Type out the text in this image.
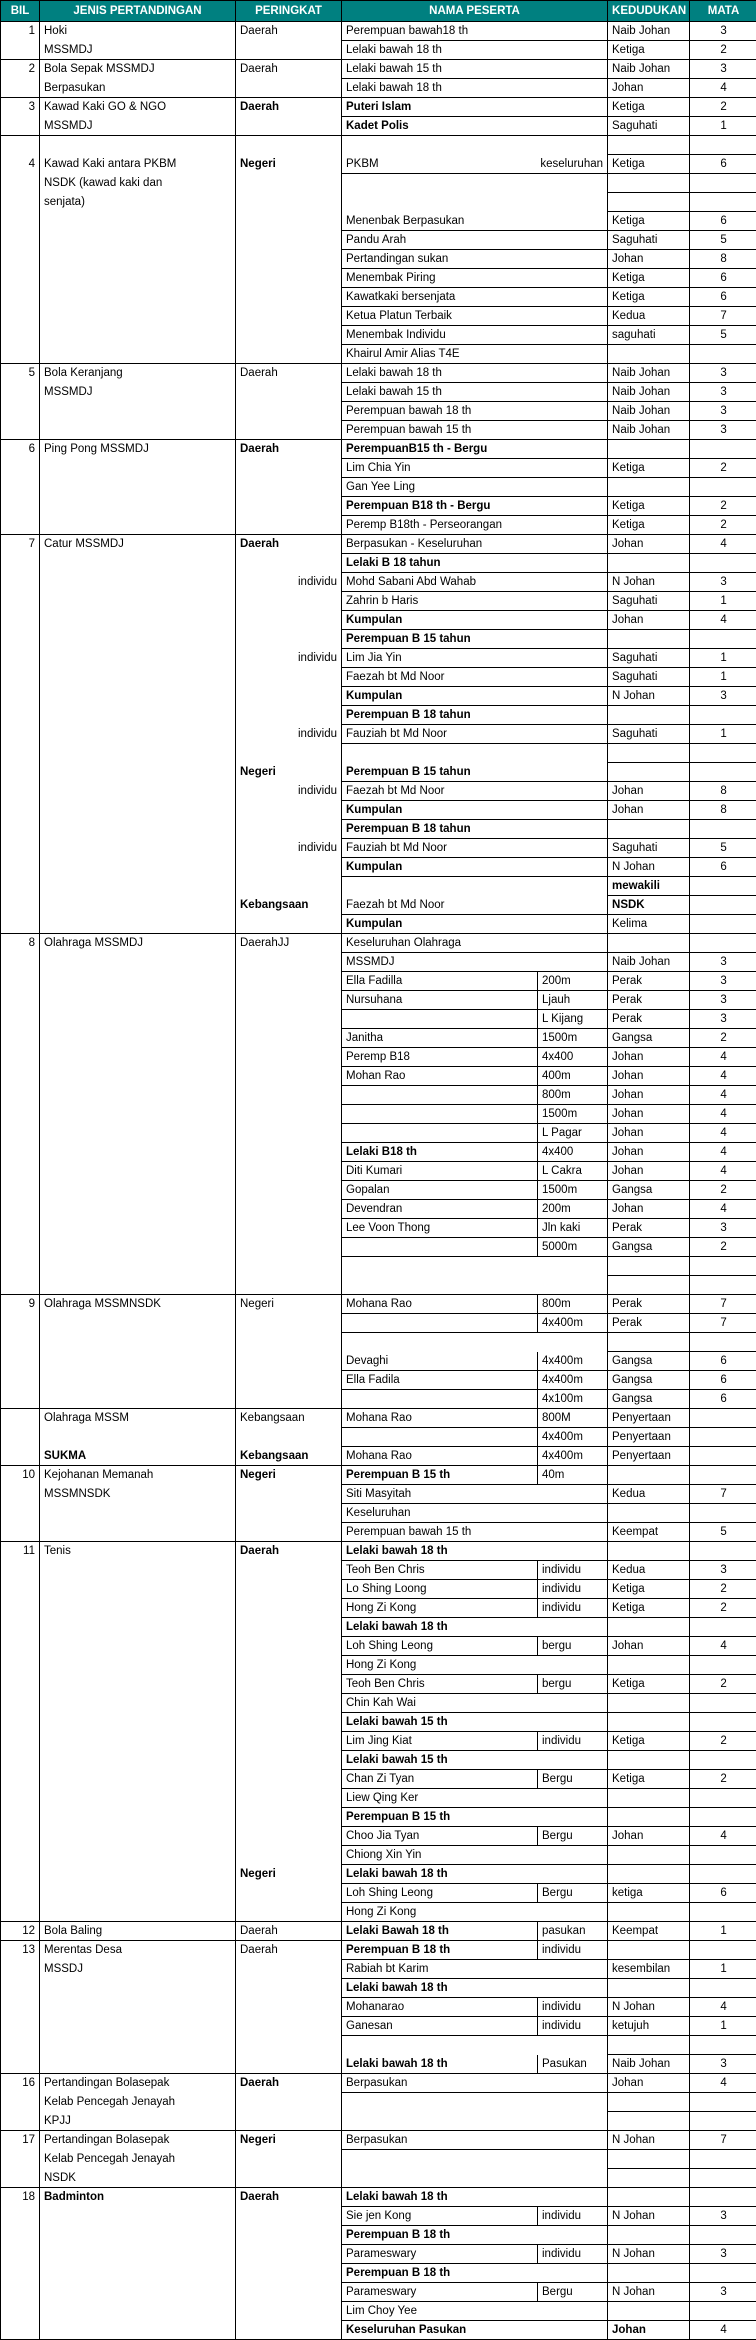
BIL	JENIS PERTANDINGAN	PERINGKAT	NAMA PESERTA		KEDUDUKAN	MATA
1	Hoki	Daerah	Perempuan bawah18 th		Naib Johan	3
	MSSMDJ		Lelaki bawah 18 th		Ketiga	2
2	Bola Sepak MSSMDJ	Daerah	Lelaki bawah 15 th		Naib Johan	3
	Berpasukan		Lelaki bawah 18 th		Johan	4
3	Kawad Kaki GO & NGO	Daerah	Puteri Islam		Ketiga	2
	MSSMDJ		Kadet Polis		Saguhati	1

4	Kawad Kaki antara PKBM	Negeri	PKBM keseluruhan		Ketiga	6
	NSDK (kawad kaki dan					
	senjata)					
			Menenbak Berpasukan		Ketiga	6
			Pandu Arah		Saguhati	5
			Pertandingan sukan		Johan	8
			Menembak Piring		Ketiga	6
			Kawatkaki bersenjata		Ketiga	6
			Ketua Platun Terbaik		Kedua	7
			Menembak Individu		saguhati	5
			Khairul Amir Alias T4E			
5	Bola Keranjang	Daerah	Lelaki bawah 18 th		Naib Johan	3
	MSSMDJ		Lelaki bawah 15 th		Naib Johan	3
			Perempuan bawah 18 th		Naib Johan	3
			Perempuan bawah 15 th		Naib Johan	3
6	Ping Pong MSSMDJ	Daerah	PerempuanB15 th - Bergu			
			Lim Chia Yin		Ketiga	2
			Gan Yee Ling			
			Perempuan B18 th - Bergu		Ketiga	2
			Peremp B18th - Perseorangan		Ketiga	2
7	Catur MSSMDJ	Daerah	Berpasukan - Keseluruhan		Johan	4
			Lelaki B 18 tahun			
		individu	Mohd Sabani Abd Wahab		N Johan	3
			Zahrin b Haris		Saguhati	1
			Kumpulan		Johan	4
			Perempuan B 15 tahun			
		individu	Lim Jia Yin		Saguhati	1
			Faezah bt Md Noor		Saguhati	1
			Kumpulan		N Johan	3
			Perempuan B 18 tahun			
		individu	Fauziah bt Md Noor		Saguhati	1

		Negeri	Perempuan B 15 tahun			
		individu	Faezah bt Md Noor		Johan	8
			Kumpulan		Johan	8
			Perempuan B 18 tahun			
		individu	Fauziah bt Md Noor		Saguhati	5
			Kumpulan		N Johan	6
					mewakili	
		Kebangsaan	Faezah bt Md Noor		NSDK	
			Kumpulan		Kelima	
8	Olahraga MSSMDJ	DaerahJJ	Keseluruhan Olahraga			
			MSSMDJ		Naib Johan	3
			Ella Fadilla	200m	Perak	3
			Nursuhana	Ljauh	Perak	3
				L Kijang	Perak	3
			Janitha	1500m	Gangsa	2
			Peremp B18	4x400	Johan	4
			Mohan Rao	400m	Johan	4
				800m	Johan	4
				1500m	Johan	4
				L Pagar	Johan	4
			Lelaki B18 th	4x400	Johan	4
			Diti Kumari	L Cakra	Johan	4
			Gopalan	1500m	Gangsa	2
			Devendran	200m	Johan	4
			Lee Voon Thong	Jln kaki	Perak	3
				5000m	Gangsa	2

9	Olahraga MSSMNSDK	Negeri	Mohana Rao	800m	Perak	7
				4x400m	Perak	7

			Devaghi	4x400m	Gangsa	6
			Ella Fadila	4x400m	Gangsa	6
				4x100m	Gangsa	6
	Olahraga MSSM	Kebangsaan	Mohana Rao	800M	Penyertaan	
				4x400m	Penyertaan	
	SUKMA	Kebangsaan	Mohana Rao	4x400m	Penyertaan	
10	Kejohanan Memanah	Negeri	Perempuan B 15 th	40m		
	MSSMNSDK		Siti Masyitah		Kedua	7
			Keseluruhan			
			Perempuan bawah 15 th		Keempat	5
11	Tenis	Daerah	Lelaki bawah 18 th			
			Teoh Ben Chris	individu	Kedua	3
			Lo Shing Loong	individu	Ketiga	2
			Hong Zi Kong	individu	Ketiga	2
			Lelaki bawah 18 th			
			Loh Shing Leong	bergu	Johan	4
			Hong Zi Kong			
			Teoh Ben Chris	bergu	Ketiga	2
			Chin Kah Wai			
			Lelaki bawah 15 th			
			Lim Jing Kiat	individu	Ketiga	2
			Lelaki bawah 15 th			
			Chan Zi Tyan	Bergu	Ketiga	2
			Liew Qing Ker			
			Perempuan B 15 th			
			Choo Jia Tyan	Bergu	Johan	4
			Chiong Xin Yin			
		Negeri	Lelaki bawah 18 th			
			Loh Shing Leong	Bergu	ketiga	6
			Hong Zi Kong			
12	Bola Baling	Daerah	Lelaki Bawah 18 th	pasukan	Keempat	1
13	Merentas Desa	Daerah	Perempuan B 18 th	individu		
	MSSDJ		Rabiah bt Karim		kesembilan	1
			Lelaki bawah 18 th			
			Mohanarao	individu	N Johan	4
			Ganesan	individu	ketujuh	1

			Lelaki bawah 18 th	Pasukan	Naib Johan	3
16	Pertandingan Bolasepak	Daerah	Berpasukan		Johan	4
	Kelab Pencegah Jenayah					
	KPJJ					
17	Pertandingan Bolasepak	Negeri	Berpasukan		N Johan	7
	Kelab Pencegah Jenayah					
	NSDK					
18	Badminton	Daerah	Lelaki bawah 18 th			
			Sie jen Kong	individu	N Johan	3
			Perempuan B 18 th			
			Parameswary	individu	N Johan	3
			Perempuan B 18 th			
			Parameswary	Bergu	N Johan	3
			Lim Choy Yee			
			Keseluruhan Pasukan		Johan	4
